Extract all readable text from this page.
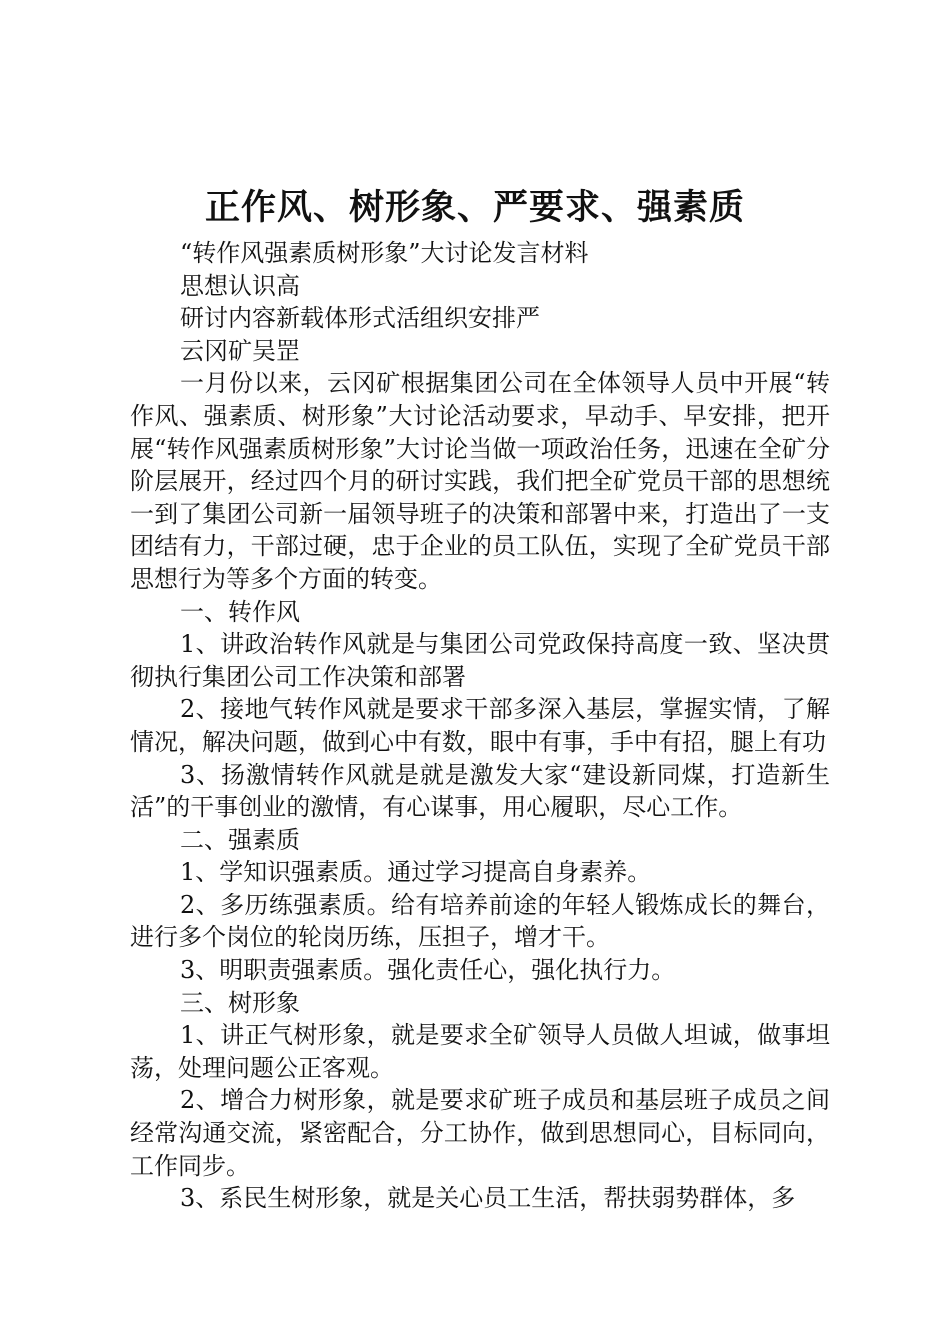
正作风、树形象、严要求、强素质

“转作风强素质树形象”大讨论发言材料

思想认识高

研讨内容新载体形式活组织安排严

云冈矿吴罡

一月份以来，云冈矿根据集团公司在全体领导人员中开展“转作风、强素质、树形象”大讨论活动要求，早动手、早安排，把开展“转作风强素质树形象”大讨论当做一项政治任务，迅速在全矿分阶层展开，经过四个月的研讨实践，我们把全矿党员干部的思想统一到了集团公司新一届领导班子的决策和部署中来，打造出了一支团结有力，干部过硬，忠于企业的员工队伍，实现了全矿党员干部思想行为等多个方面的转变。

一、转作风

1、讲政治转作风就是与集团公司党政保持高度一致、坚决贯彻执行集团公司工作决策和部署

2、接地气转作风就是要求干部多深入基层，掌握实情，了解情况，解决问题，做到心中有数，眼中有事，手中有招，腿上有功

3、扬激情转作风就是就是激发大家“建设新同煤，打造新生活”的干事创业的激情，有心谋事，用心履职，尽心工作。

二、强素质

1、学知识强素质。通过学习提高自身素养。

2、多历练强素质。给有培养前途的年轻人锻炼成长的舞台，进行多个岗位的轮岗历练，压担子，增才干。

3、明职责强素质。强化责任心，强化执行力。

三、树形象

1、讲正气树形象，就是要求全矿领导人员做人坦诚，做事坦荡，处理问题公正客观。

2、增合力树形象，就是要求矿班子成员和基层班子成员之间经常沟通交流，紧密配合，分工协作，做到思想同心，目标同向，工作同步。

3、系民生树形象，就是关心员工生活，帮扶弱势群体，多
